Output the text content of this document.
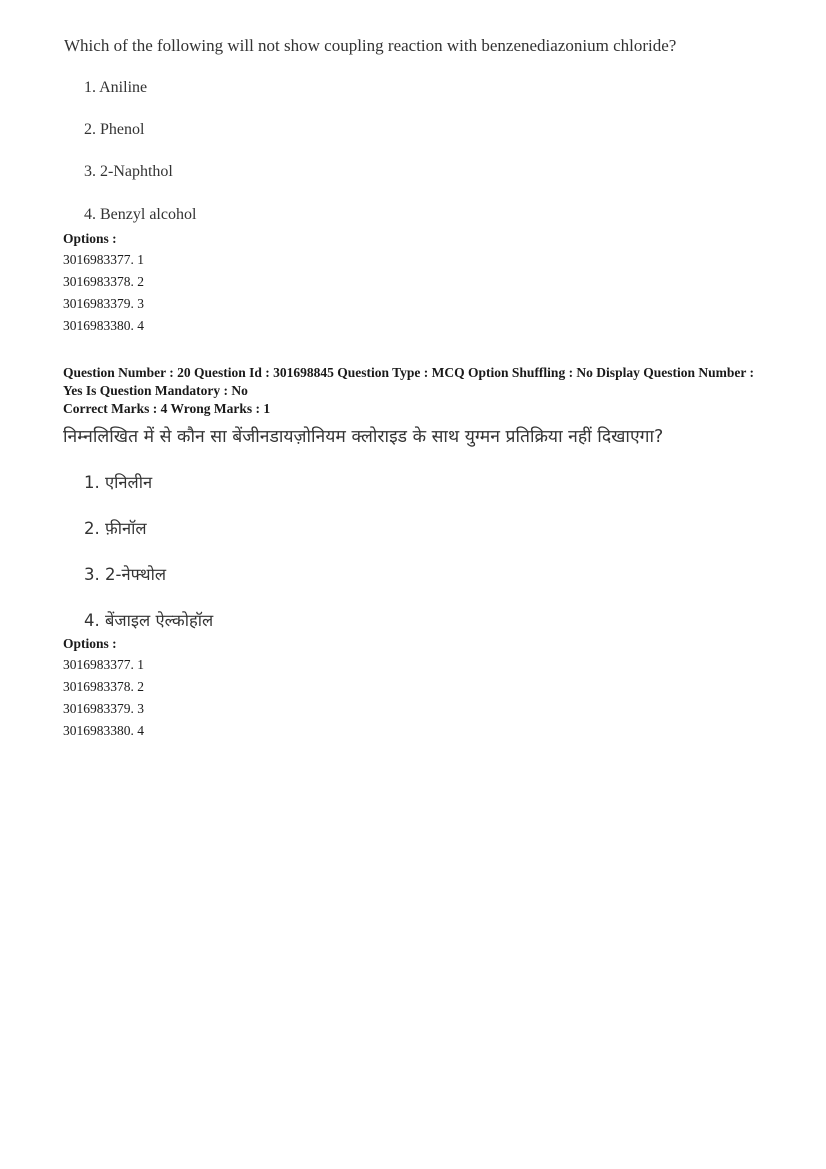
Which of the following will not show coupling reaction with benzenediazonium chloride?
1. Aniline
2. Phenol
3. 2-Naphthol
4. Benzyl alcohol
Options :
3016983377. 1
3016983378. 2
3016983379. 3
3016983380. 4
Question Number : 20 Question Id : 301698845 Question Type : MCQ Option Shuffling : No Display Question Number : Yes Is Question Mandatory : No
Correct Marks : 4 Wrong Marks : 1
निम्नलिखित में से कौन सा बेंजीनडायज़ोनियम क्लोराइड के साथ युग्मन प्रतिक्रिया नहीं दिखाएगा?
1. एनिलीन
2. फ़ीनॉल
3. 2-नेफ्थोल
4. बेंजाइल ऐल्कोहॉल
Options :
3016983377. 1
3016983378. 2
3016983379. 3
3016983380. 4
